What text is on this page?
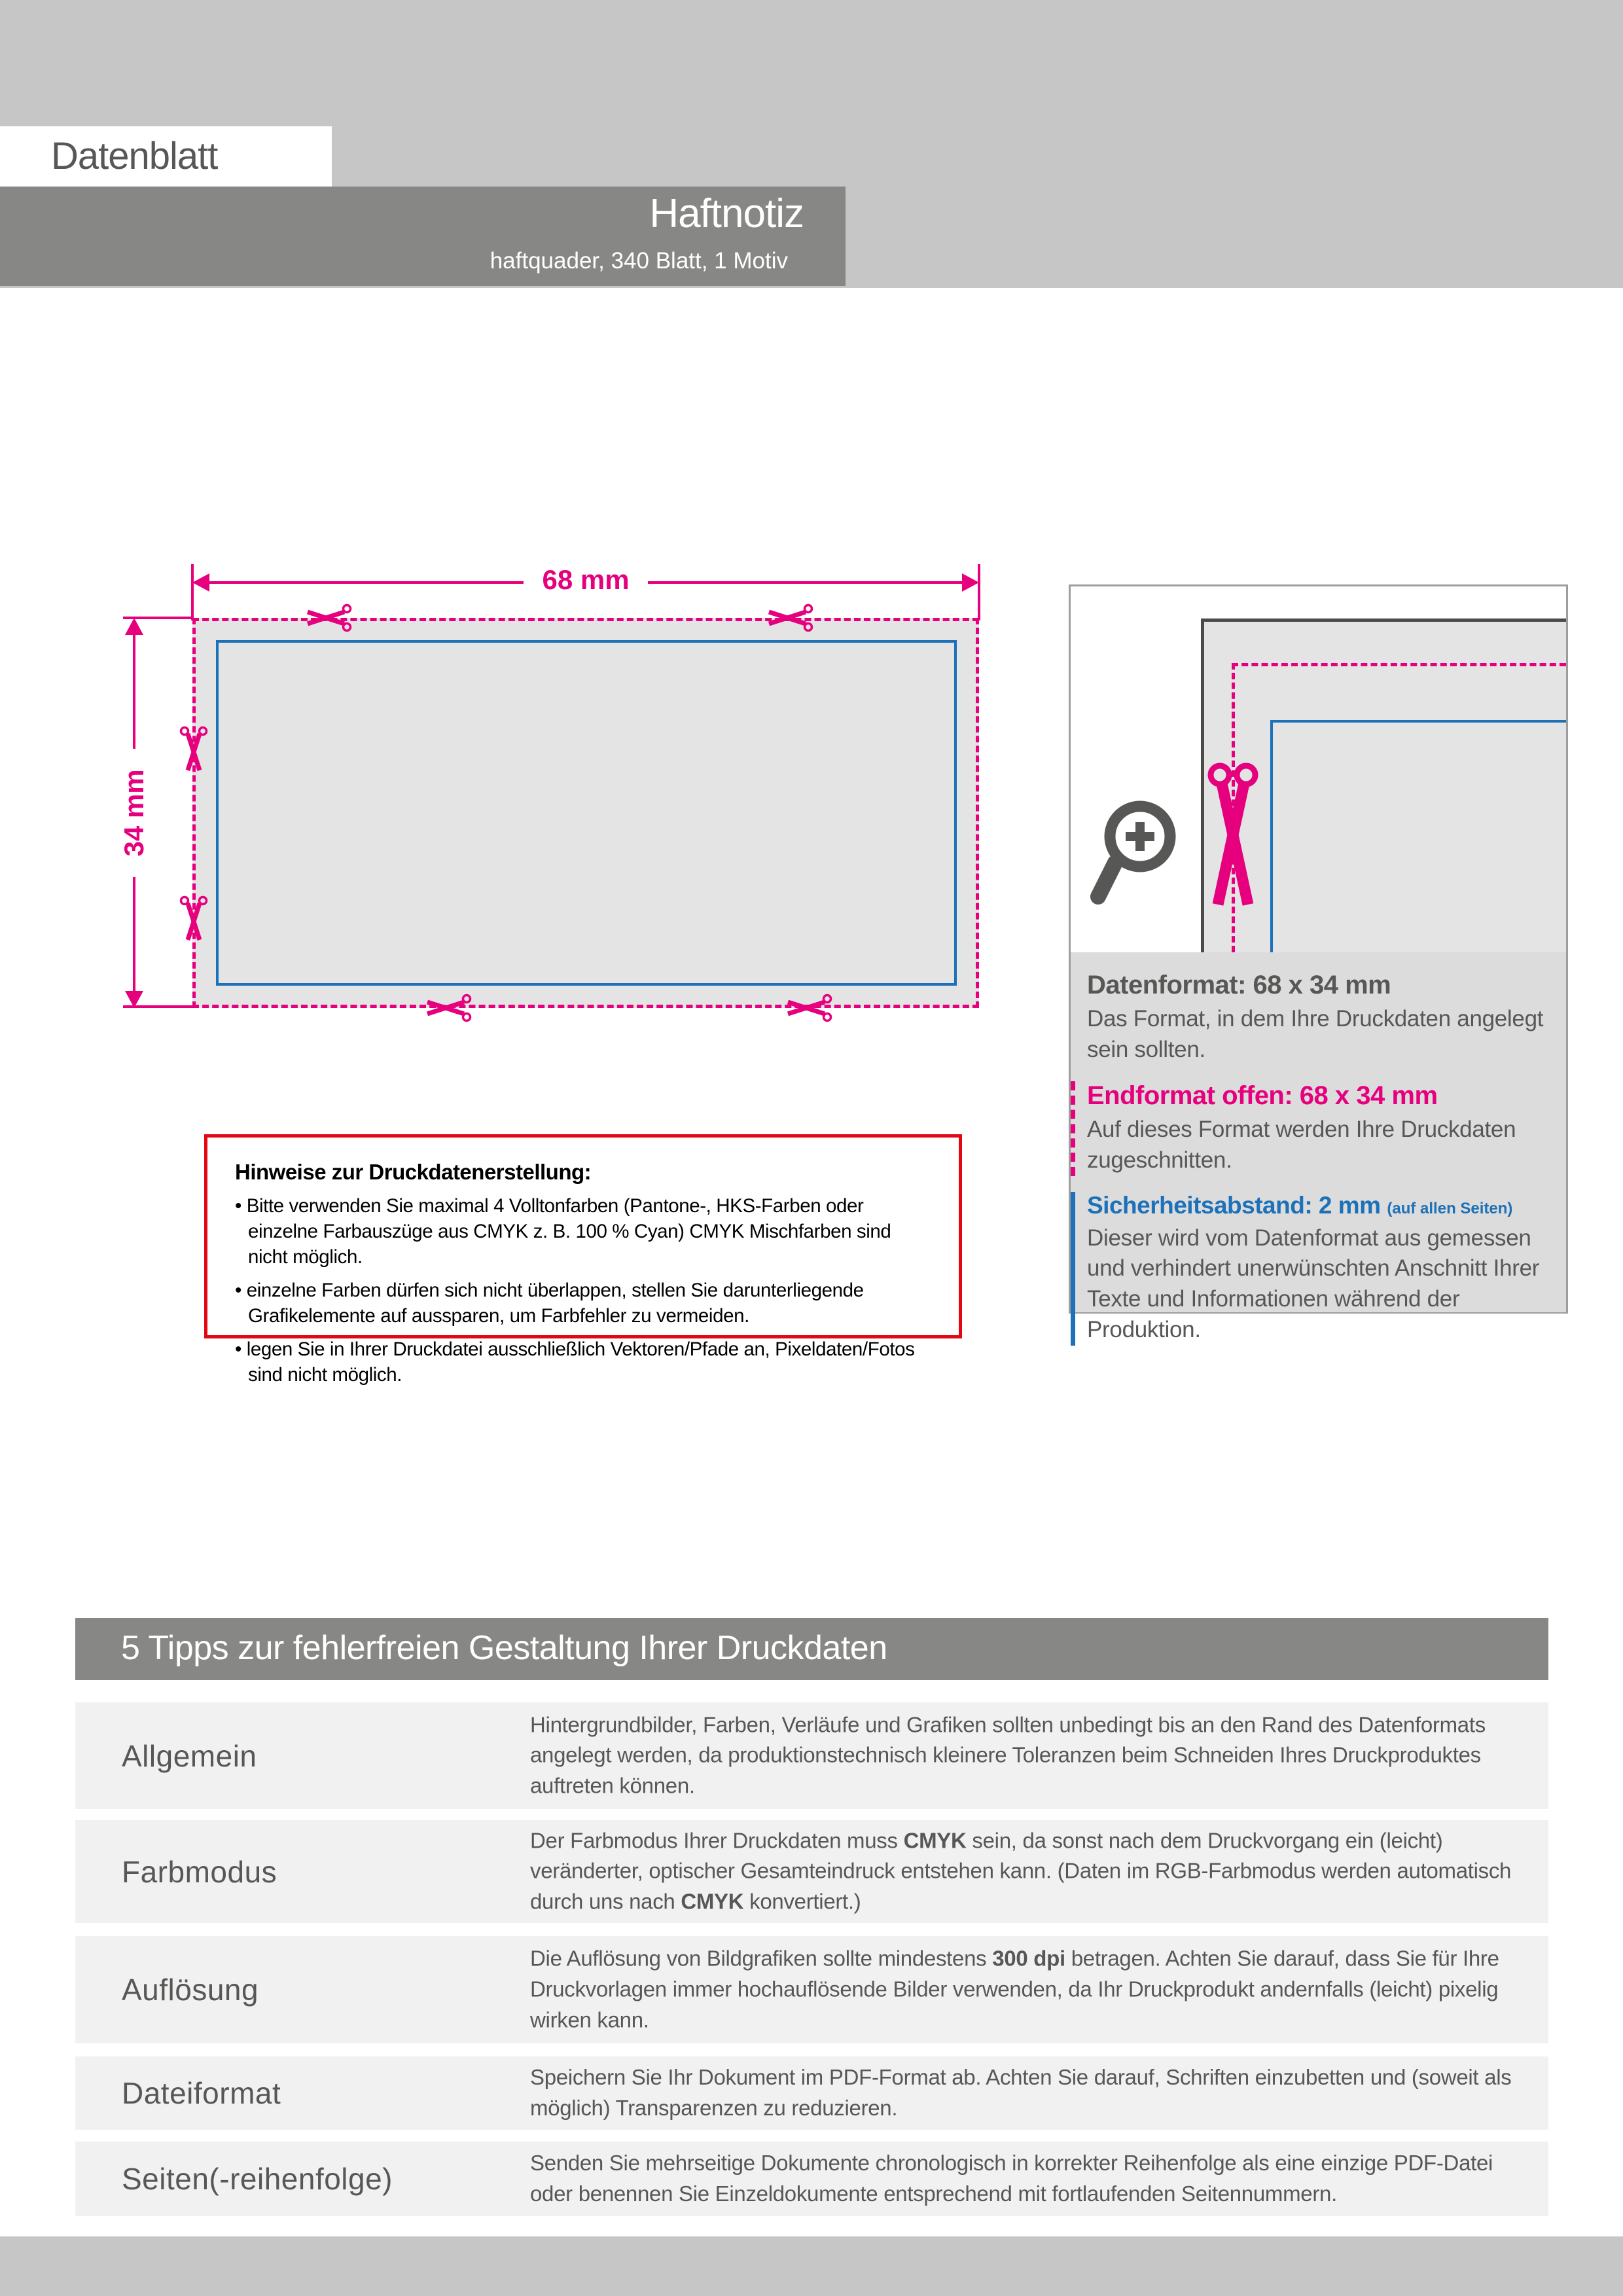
Datenblatt
Haftnotiz
haftquader, 340 Blatt, 1 Motiv
68 mm
34 mm
Hinweise zur Druckdatenerstellung:

• Bitte verwenden Sie maximal 4 Volltonfarben (Pantone-, HKS-Farben oder einzelne Farbauszüge aus CMYK z. B. 100 % Cyan) CMYK Mischfarben sind nicht möglich.

• einzelne Farben dürfen sich nicht überlappen, stellen Sie darunterliegende Grafikelemente auf aussparen, um Farbfehler zu vermeiden.

• legen Sie in Ihrer Druckdatei ausschließlich Vektoren/Pfade an, Pixeldaten/Fotos sind nicht möglich.

Datenformat: 68 x 34 mm
Das Format, in dem Ihre Druckdaten angelegt sein sollten.
Endformat offen: 68 x 34 mm
Auf dieses Format werden Ihre Druckdaten zugeschnitten.
Sicherheitsabstand: 2 mm (auf allen Seiten)
Dieser wird vom Datenformat aus gemessen und verhindert unerwünschten Anschnitt Ihrer Texte und Informationen während der Produktion.
5 Tipps zur fehlerfreien Gestaltung Ihrer Druckdaten
Allgemein
Hintergrundbilder, Farben, Verläufe und Grafiken sollten unbedingt bis an den Rand des Datenformats angelegt werden, da produktionstechnisch kleinere Toleranzen beim Schneiden Ihres Druckproduktes auftreten können.
Farbmodus
Der Farbmodus Ihrer Druckdaten muss CMYK sein, da sonst nach dem Druckvorgang ein (leicht) veränderter, optischer Gesamteindruck entstehen kann. (Daten im RGB-Farbmodus werden automatisch durch uns nach CMYK konvertiert.)
Auflösung
Die Auflösung von Bildgrafiken sollte mindestens 300 dpi betragen. Achten Sie darauf, dass Sie für Ihre Druckvorlagen immer hochauflösende Bilder verwenden, da Ihr Druckprodukt andernfalls (leicht) pixelig wirken kann.
Dateiformat	Speichern Sie Ihr Dokument im PDF-Format ab. Achten Sie darauf, Schriften einzubetten und (soweit als möglich) Transparenzen zu reduzieren.
Seiten(-reihenfolge)	Senden Sie mehrseitige Dokumente chronologisch in korrekter Reihenfolge als eine einzige PDF-Datei oder benennen Sie Einzeldokumente entsprechend mit fortlaufenden Seitennummern.
